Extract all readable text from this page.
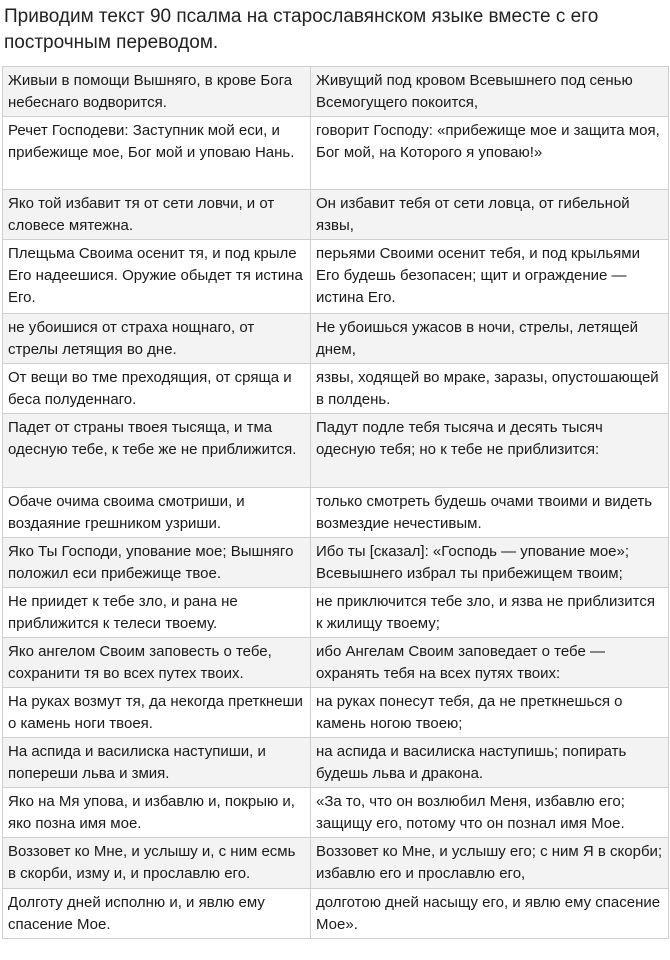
Приводим текст 90 псалма на старославянском языке вместе с его построчным переводом.
Живыи в помощи Вышняго, в крове Бога небеснаго водворится.	Живущий под кровом Всевышнего под сенью Всемогущего покоится,
Речет Господеви: Заступник мой еси, и прибежище мое, Бог мой и уповаю Нань.	говорит Господу: «прибежище мое и защита моя, Бог мой, на Которого я уповаю!»
Яко той избавит тя от сети ловчи, и от словесе мятежна.	Он избавит тебя от сети ловца, от гибельной язвы,
Плещьма Своима осенит тя, и под крыле Его надеешися. Оружие обыдет тя истина Его.	перьями Своими осенит тебя, и под крыльями Его будешь безопасен; щит и ограждение — истина Его.
не убоишися от страха нощнаго, от стрелы летящия во дне.	Не убоишься ужасов в ночи, стрелы, летящей днем,
От вещи во тме преходящия, от сряща и беса полуденнаго.	язвы, ходящей во мраке, заразы, опустошающей в полдень.
Падет от страны твоея тысяща, и тма одесную тебе, к тебе же не приближится.	Падут подле тебя тысяча и десять тысяч одесную тебя; но к тебе не приблизится:
Обаче очима своима смотриши, и воздаяние грешником узриши.	только смотреть будешь очами твоими и видеть возмездие нечестивым.
Яко Ты Господи, упование мое; Вышняго положил еси прибежище твое.	Ибо ты [сказал]: «Господь — упование мое»; Всевышнего избрал ты прибежищем твоим;
Не приидет к тебе зло, и рана не приближится к телеси твоему.	не приключится тебе зло, и язва не приблизится к жилищу твоему;
Яко ангелом Своим заповесть о тебе, сохранити тя во всех путех твоих.	ибо Ангелам Своим заповедает о тебе — охранять тебя на всех путях твоих:
На руках возмут тя, да некогда преткнеши о камень ноги твоея.	на руках понесут тебя, да не преткнешься о камень ногою твоею;
На аспида и василиска наступиши, и попереши льва и змия.	на аспида и василиска наступишь; попирать будешь льва и дракона.
Яко на Мя упова, и избавлю и, покрыю и, яко позна имя мое.	«За то, что он возлюбил Меня, избавлю его; защищу его, потому что он познал имя Мое.
Воззовет ко Мне, и услышу и, с ним есмь в скорби, изму и, и прославлю его.	Воззовет ко Мне, и услышу его; с ним Я в скорби; избавлю его и прославлю его,
Долготу дней исполню и, и явлю ему спасение Мое.	долготою дней насыщу его, и явлю ему спасение Мое».
